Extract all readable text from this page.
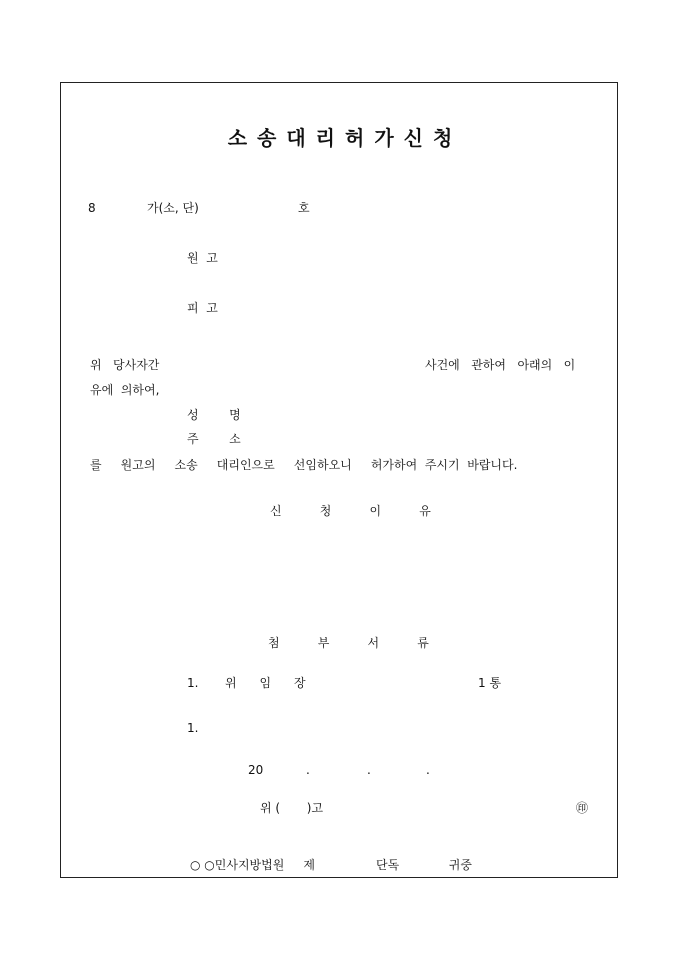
소송대리허가신청
8	가(소, 단)	호
원  고
피  고
위   당사자간	사건에   관하여   아래의   이
유에  의하여,
성        명
주        소
를     원고의     소송     대리인으로     선임하오니     허가하여  주시기  바랍니다.
신          청          이          유
첨          부          서          류
1. 위      임      장	1 통
1.
20	.	.	.
위 (       )고	㊞
○ ○민사지방법원     제                단독             귀중
